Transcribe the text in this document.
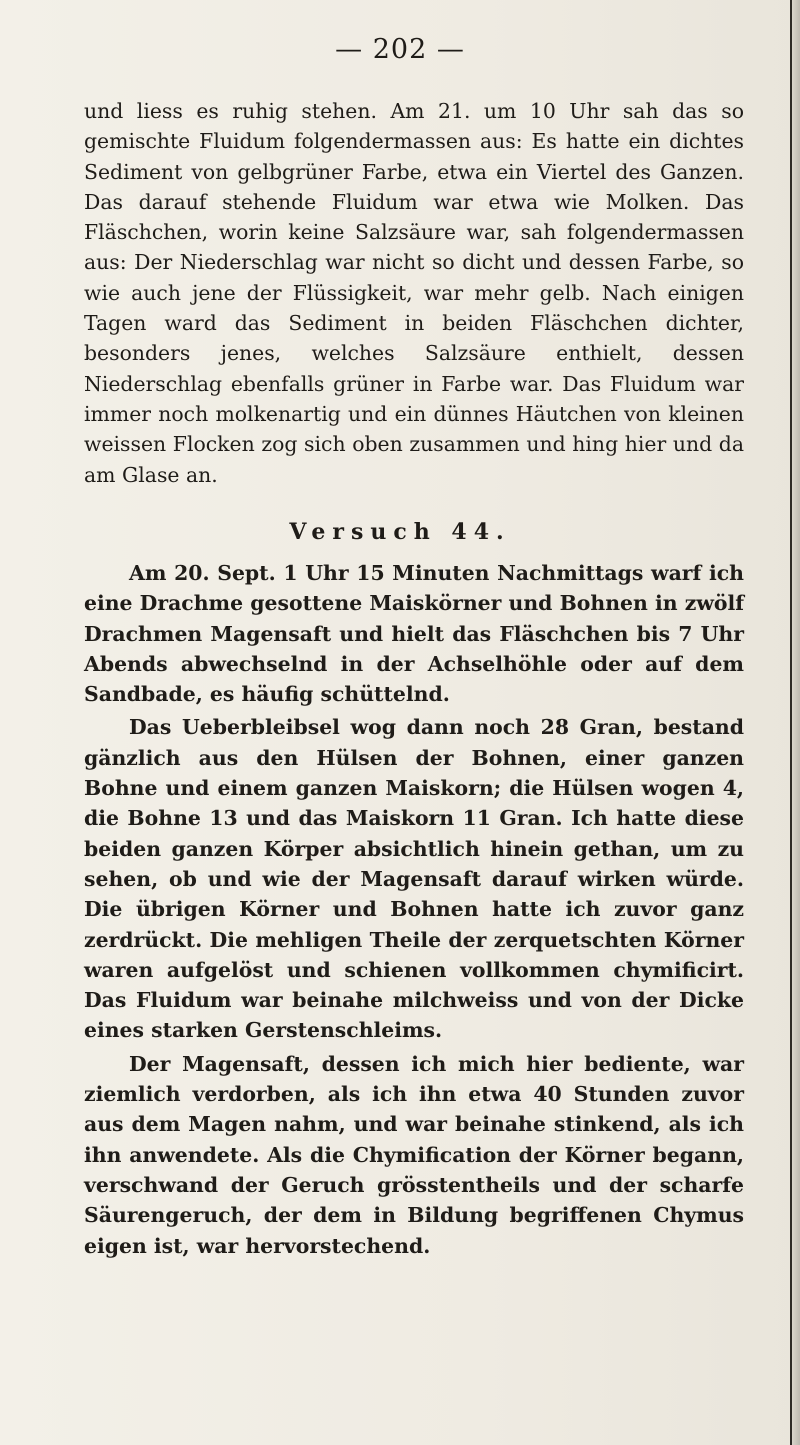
— 202 —

und liess es ruhig stehen. Am 21. um 10 Uhr sah das so gemischte Fluidum folgendermassen aus: Es hatte ein dichtes Sediment von gelbgrüner Farbe, etwa ein Viertel des Ganzen. Das darauf stehende Fluidum war etwa wie Molken. Das Fläschchen, worin keine Salzsäure war, sah folgendermassen aus: Der Niederschlag war nicht so dicht und dessen Farbe, so wie auch jene der Flüssigkeit, war mehr gelb. Nach einigen Tagen ward das Sediment in beiden Fläschchen dichter, besonders jenes, welches Salzsäure enthielt, dessen Niederschlag ebenfalls grüner in Farbe war. Das Fluidum war immer noch molkenartig und ein dünnes Häutchen von kleinen weissen Flocken zog sich oben zusammen und hing hier und da am Glase an.

Versuch 44.

Am 20. Sept. 1 Uhr 15 Minuten Nachmittags warf ich eine Drachme gesottene Maiskörner und Bohnen in zwölf Drachmen Magensaft und hielt das Fläschchen bis 7 Uhr Abends abwechselnd in der Achselhöhle oder auf dem Sandbade, es häufig schüttelnd.

Das Ueberbleibsel wog dann noch 28 Gran, bestand gänzlich aus den Hülsen der Bohnen, einer ganzen Bohne und einem ganzen Maiskorn; die Hülsen wogen 4, die Bohne 13 und das Maiskorn 11 Gran. Ich hatte diese beiden ganzen Körper absichtlich hinein gethan, um zu sehen, ob und wie der Magensaft darauf wirken würde. Die übrigen Körner und Bohnen hatte ich zuvor ganz zerdrückt. Die mehligen Theile der zerquetschten Körner waren aufgelöst und schienen vollkommen chymificirt. Das Fluidum war beinahe milchweiss und von der Dicke eines starken Gerstenschleims.

Der Magensaft, dessen ich mich hier bediente, war ziemlich verdorben, als ich ihn etwa 40 Stunden zuvor aus dem Magen nahm, und war beinahe stinkend, als ich ihn anwendete. Als die Chymification der Körner begann, verschwand der Geruch grösstentheils und der scharfe Säurengeruch, der dem in Bildung begriffenen Chymus eigen ist, war hervorstechend.
